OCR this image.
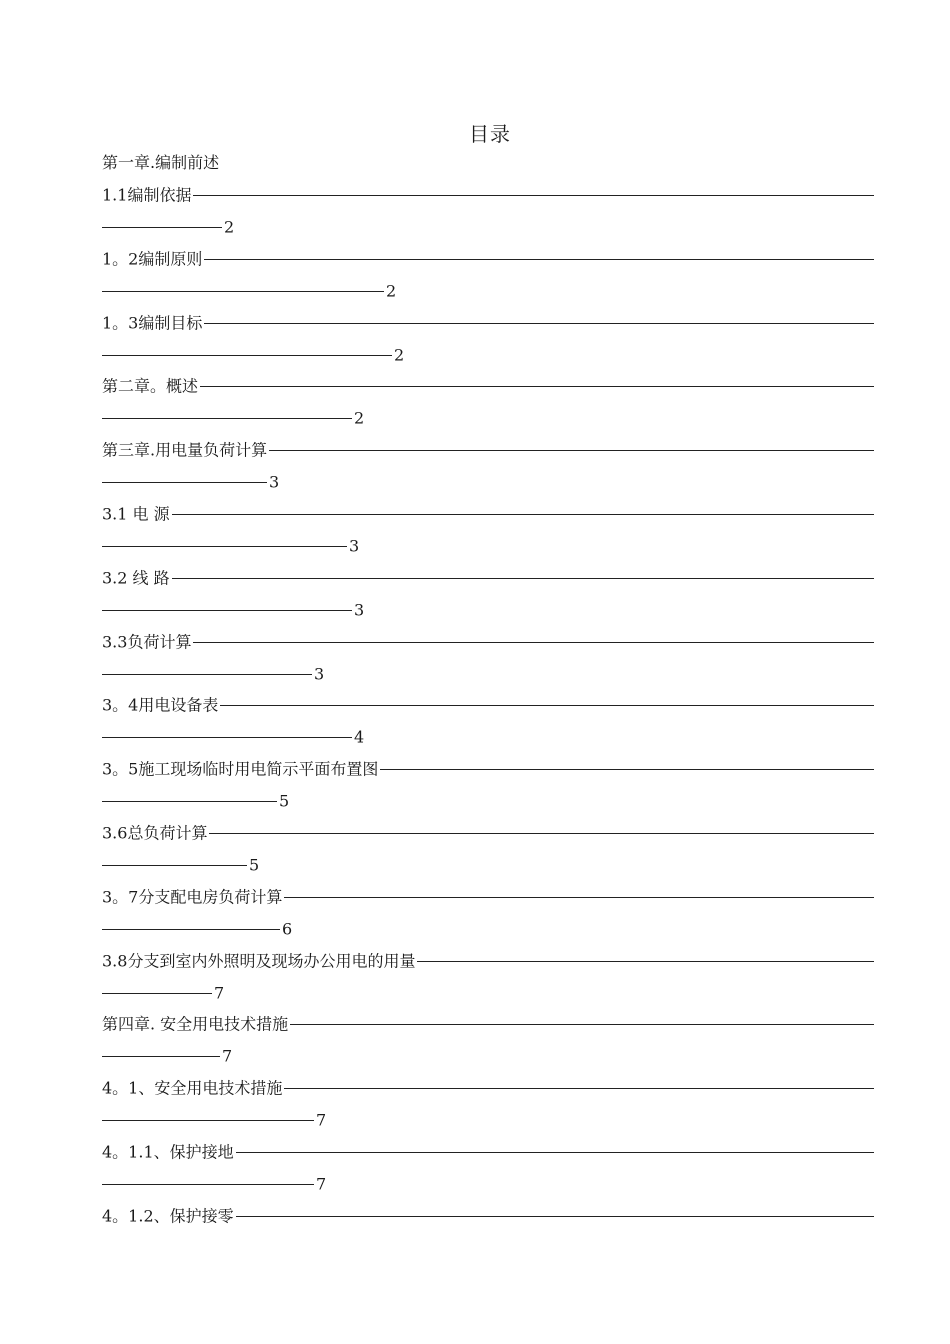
目录
第一章.编制前述
1.1编制依据
2
1。2编制原则
2
1。3编制目标
2
第二章。概述
2
第三章.用电量负荷计算
3
3.1 电 源
3
3.2 线 路
3
3.3负荷计算
3
3。4用电设备表
4
3。5施工现场临时用电简示平面布置图
5
3.6总负荷计算
5
3。7分支配电房负荷计算
6
3.8分支到室内外照明及现场办公用电的用量
7
第四章. 安全用电技术措施
7
4。1、安全用电技术措施
7
4。1.1、保护接地
7
4。1.2、保护接零
